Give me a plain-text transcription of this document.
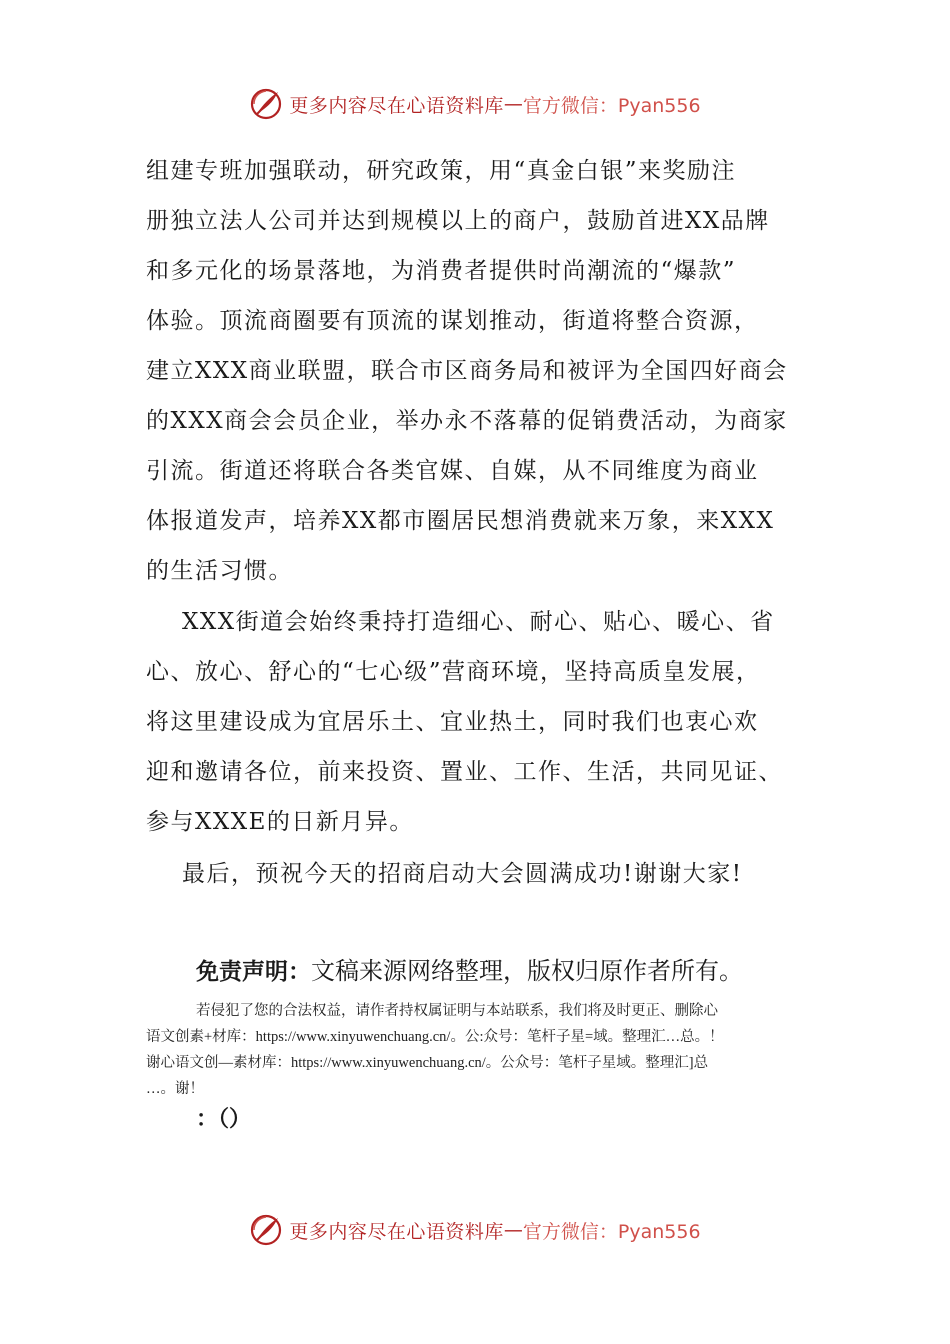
更多内容尽在心语资料库 — 官方微信：Pyan556
组建专班加强联动，研究政策，用“真金白银”来奖励注
册独立法人公司并达到规模以上的商户，鼓励首进XX品牌
和多元化的场景落地，为消费者提供时尚潮流的“爆款”
体验。顶流商圈要有顶流的谋划推动，街道将整合资源，
建立XXX商业联盟，联合市区商务局和被评为全国四好商会
的XXX商会会员企业，举办永不落幕的促销费活动，为商家
引流。街道还将联合各类官媒、自媒，从不同维度为商业
体报道发声，培养XX都市圈居民想消费就来万象，来XXX
的生活习惯。
XXX街道会始终秉持打造细心、耐心、贴心、暖心、省
心、放心、舒心的“七心级”营商环境，坚持高质皇发展，
将这里建设成为宜居乐土、宜业热土，同时我们也衷心欢
迎和邀请各位，前来投资、置业、工作、生活，共同见证、
参与XXXE的日新月异。
最后，预祝今天的招商启动大会圆满成功!谢谢大家!
免责声明：文稿来源网络整理，版权归原作者所有。
若侵犯了您的合法权益，请作者持权属证明与本站联系，我们将及时更正、删除心
语文创素+材库：https://www.xinyuwenchuang.cn/。公:众号：笔杆子星=域。整理汇…总。！
谢心语文创—素材库：https://www.xinyuwenchuang.cn/。公众号：笔杆子星域。整理汇]总
…。谢！
：（）
更多内容尽在心语资料库 — 官方微信：Pyan556
